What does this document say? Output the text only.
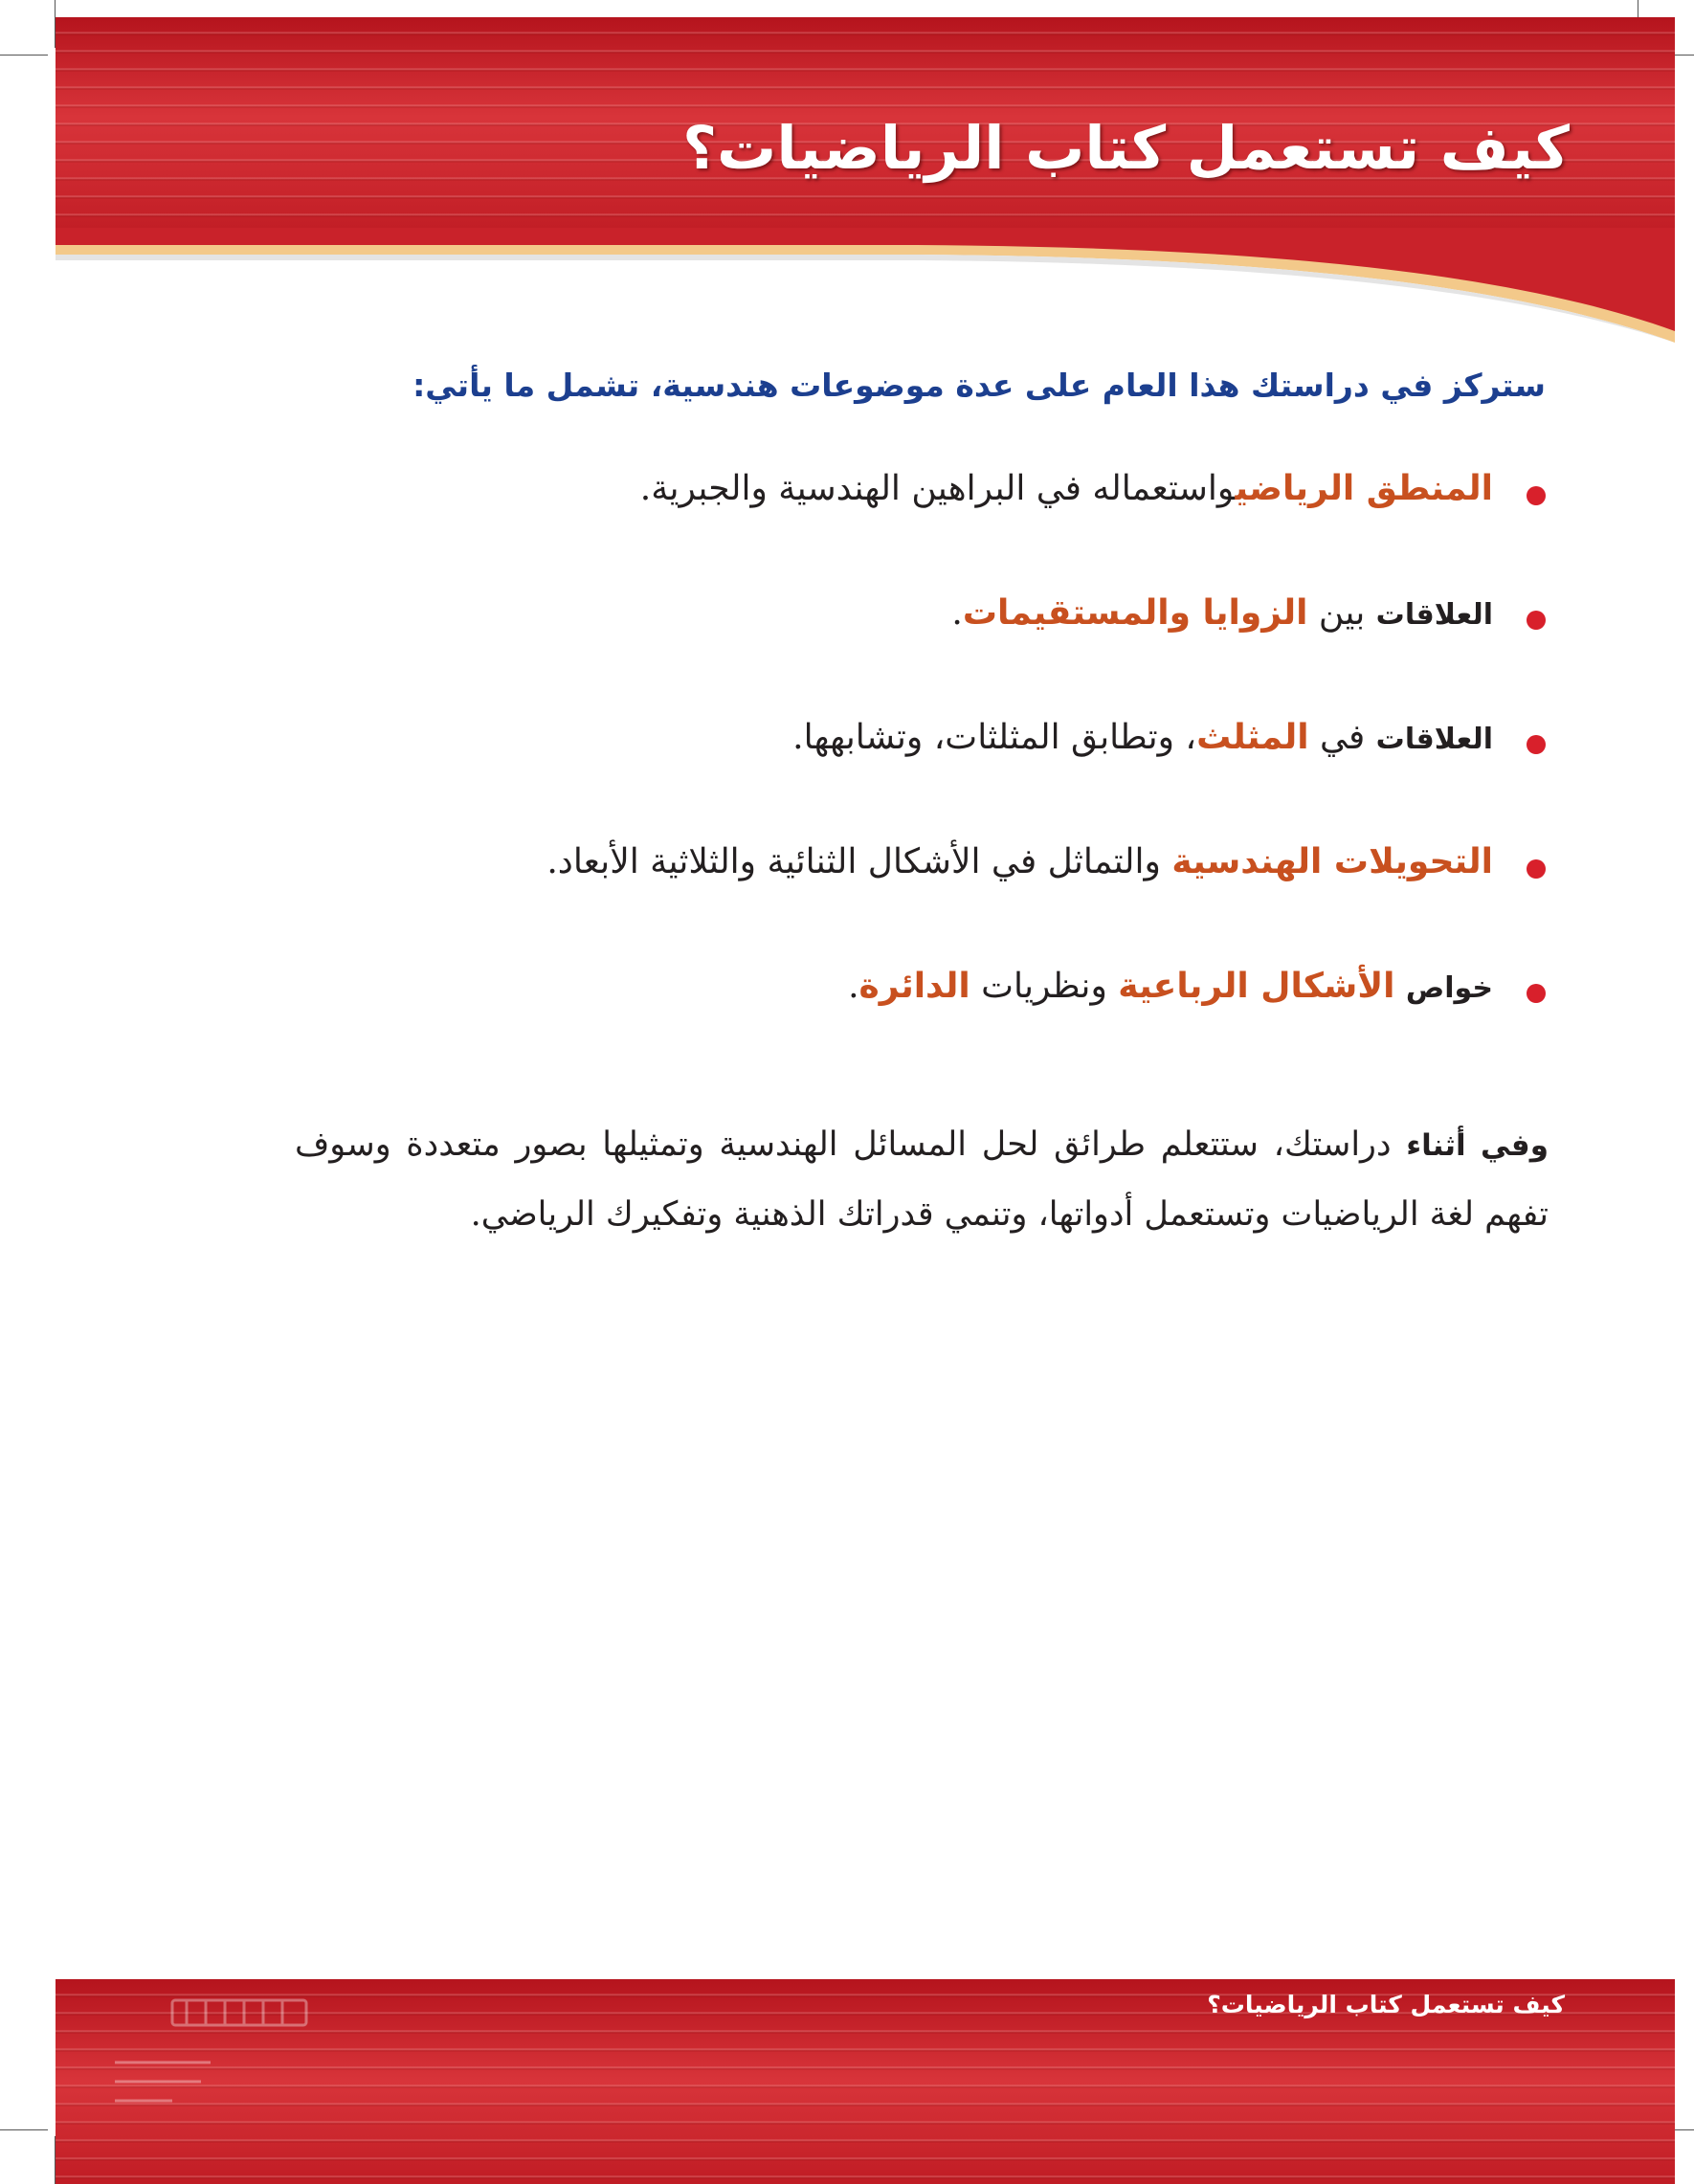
كيف تستعمل كتاب الرياضيات؟
ستركز في دراستك هذا العام على عدة موضوعات هندسية، تشمل ما يأتي:
المنطق الرياضيواستعماله في البراهين الهندسية والجبرية.
العلاقات بين الزوايا والمستقيمات.
العلاقات في المثلث، وتطابق المثلثات، وتشابهها.
التحويلات الهندسية والتماثل في الأشكال الثنائية والثلاثية الأبعاد.
خواص الأشكال الرباعية ونظريات الدائرة.

وفي أثناء دراستك، ستتعلم طرائق لحل المسائل الهندسية وتمثيلها بصور متعددة وسوف تفهم لغة الرياضيات وتستعمل أدواتها، وتنمي قدراتك الذهنية وتفكيرك الرياضي.

كيف تستعمل كتاب الرياضيات؟
